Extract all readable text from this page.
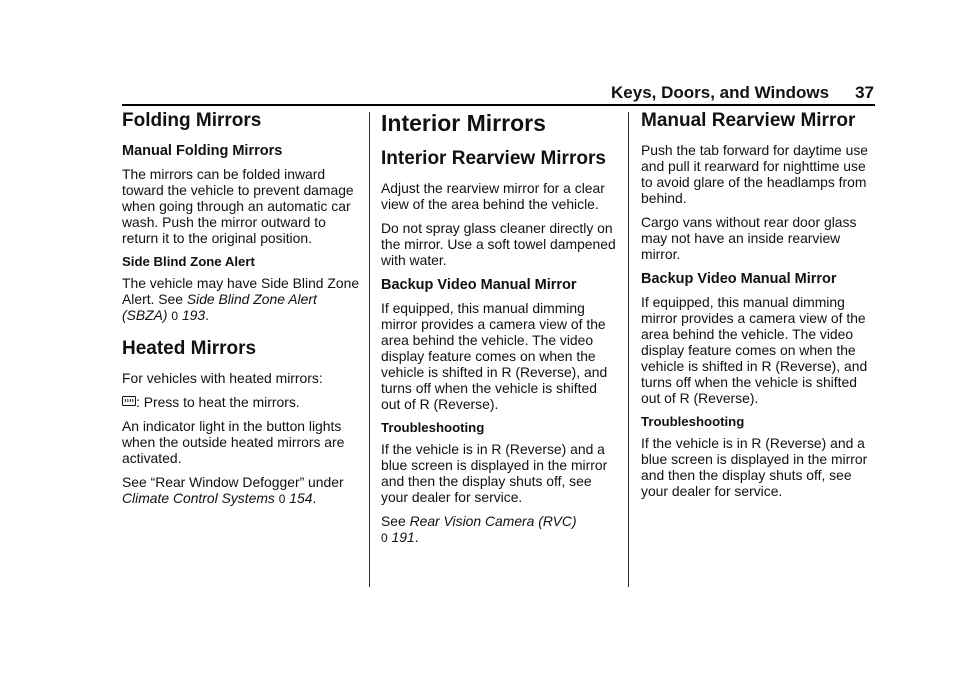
Keys, Doors, and Windows 37
Folding Mirrors
Manual Folding Mirrors

The mirrors can be folded inward toward the vehicle to prevent damage when going through an automatic car wash. Push the mirror outward to return it to the original position.

Side Blind Zone Alert

The vehicle may have Side Blind Zone Alert. See Side Blind Zone Alert (SBZA) 0 193.

Heated Mirrors

For vehicles with heated mirrors:

: Press to heat the mirrors.

An indicator light in the button lights when the outside heated mirrors are activated.

See “Rear Window Defogger” under Climate Control Systems 0 154.

Interior Mirrors
Interior Rearview Mirrors

Adjust the rearview mirror for a clear view of the area behind the vehicle.

Do not spray glass cleaner directly on the mirror. Use a soft towel dampened with water.

Backup Video Manual Mirror

If equipped, this manual dimming mirror provides a camera view of the area behind the vehicle. The video display feature comes on when the vehicle is shifted in R (Reverse), and turns off when the vehicle is shifted out of R (Reverse).

Troubleshooting

If the vehicle is in R (Reverse) and a blue screen is displayed in the mirror and then the display shuts off, see your dealer for service.

See Rear Vision Camera (RVC)
0 191.

Manual Rearview Mirror

Push the tab forward for daytime use and pull it rearward for nighttime use to avoid glare of the headlamps from behind.

Cargo vans without rear door glass may not have an inside rearview mirror.

Backup Video Manual Mirror

If equipped, this manual dimming mirror provides a camera view of the area behind the vehicle. The video display feature comes on when the vehicle is shifted in R (Reverse), and turns off when the vehicle is shifted out of R (Reverse).

Troubleshooting

If the vehicle is in R (Reverse) and a blue screen is displayed in the mirror and then the display shuts off, see your dealer for service.
